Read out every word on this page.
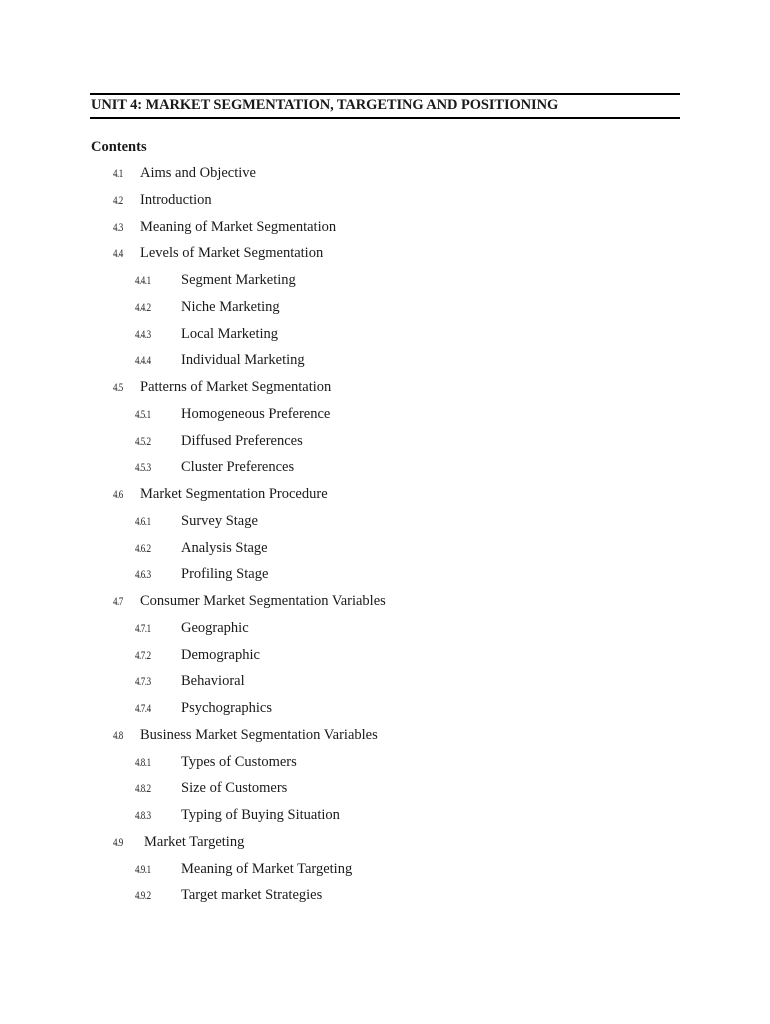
UNIT 4: MARKET SEGMENTATION, TARGETING AND POSITIONING
Contents
4.1 Aims and Objective
4.2 Introduction
4.3 Meaning of Market Segmentation
4.4 Levels of Market Segmentation
4.4.1 Segment Marketing
4.4.2 Niche Marketing
4.4.3 Local Marketing
4.4.4 Individual Marketing
4.5 Patterns of Market Segmentation
4.5.1 Homogeneous Preference
4.5.2 Diffused Preferences
4.5.3 Cluster Preferences
4.6 Market Segmentation Procedure
4.6.1 Survey Stage
4.6.2 Analysis Stage
4.6.3 Profiling Stage
4.7 Consumer Market Segmentation Variables
4.7.1 Geographic
4.7.2 Demographic
4.7.3 Behavioral
4.7.4 Psychographics
4.8 Business Market Segmentation Variables
4.8.1 Types of Customers
4.8.2 Size of Customers
4.8.3 Typing of Buying Situation
4.9 Market Targeting
4.9.1 Meaning of Market Targeting
4.9.2 Target market Strategies
